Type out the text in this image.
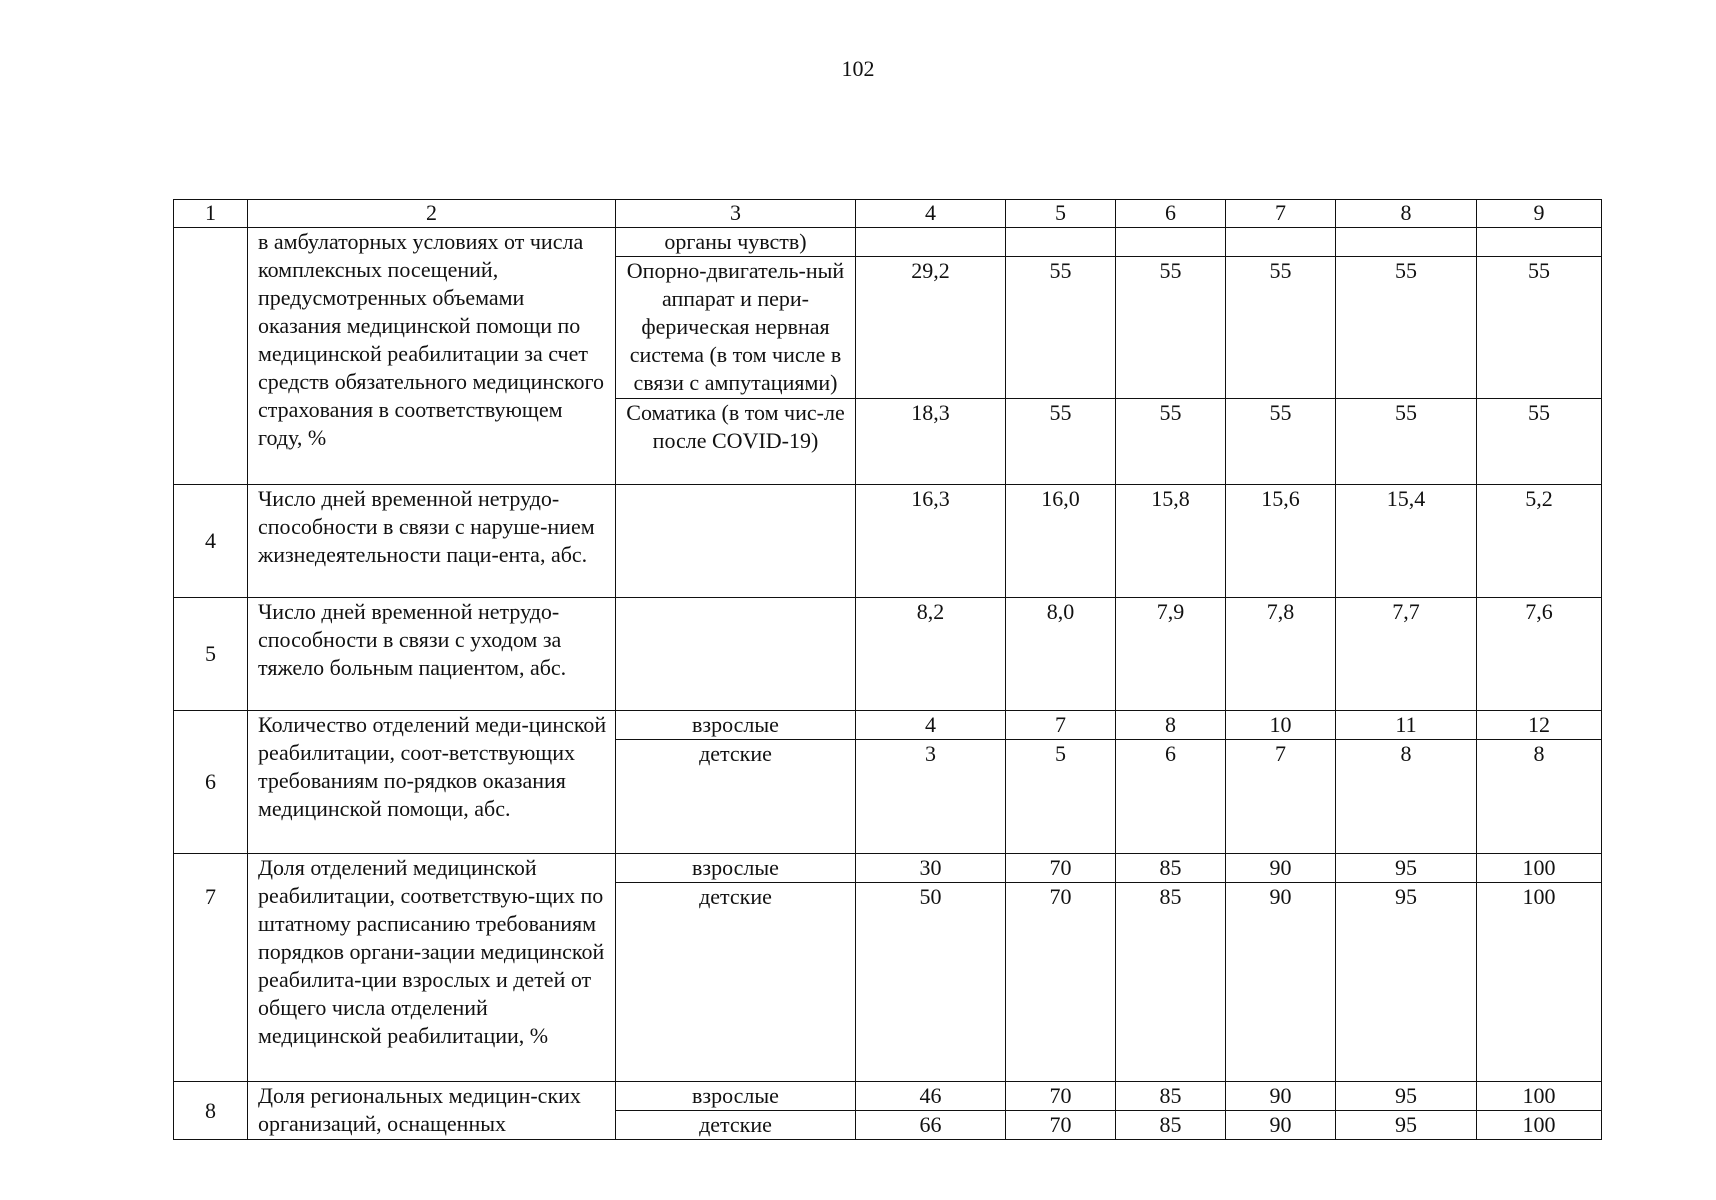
102
1	2	3	4	5	6	7	8	9
	в амбулаторных условиях от числа комплексных посещений, предусмотренных объемами оказания медицинской помощи по медицинской реабилитации за счет средств обязательного медицинского страхования в соответствующем году, %	органы чувств)						
		Опорно-двигатель-ный аппарат и пери-ферическая нервная система (в том числе в связи с ампутациями)	29,2	55	55	55	55	55
		Соматика (в том чис-ле после COVID-19)	18,3	55	55	55	55	55
4	Число дней временной нетрудо-способности в связи с наруше-нием жизнедеятельности паци-ента, абс.		16,3	16,0	15,8	15,6	15,4	5,2
5	Число дней временной нетрудо-способности в связи с уходом за тяжело больным пациентом, абс.		8,2	8,0	7,9	7,8	7,7	7,6
6	Количество отделений меди-цинской реабилитации, соот-ветствующих требованиям по-рядков оказания медицинской помощи, абс.	взрослые	4	7	8	10	11	12
		детские	3	5	6	7	8	8
7	Доля отделений медицинской реабилитации, соответствую-щих по штатному расписанию требованиям порядков органи-зации медицинской реабилита-ции взрослых и детей от общего числа отделений медицинской реабилитации, %	взрослые	30	70	85	90	95	100
		детские	50	70	85	90	95	100
8	Доля региональных медицин-ских организаций, оснащенных	взрослые	46	70	85	90	95	100
		детские	66	70	85	90	95	100
